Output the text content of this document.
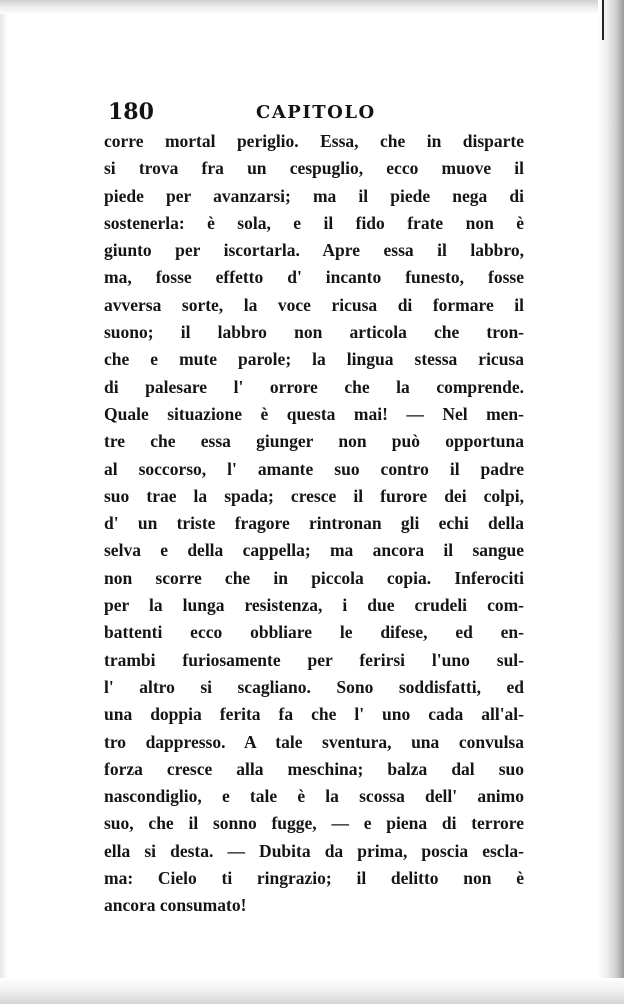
180	CAPITOLO
corre mortal periglio. Essa, che in disparte
si trova fra un cespuglio, ecco muove il
piede per avanzarsi; ma il piede nega di
sostenerla: è sola, e il fido frate non è
giunto per iscortarla. Apre essa il labbro,
ma, fosse effetto d' incanto funesto, fosse
avversa sorte, la voce ricusa di formare il
suono; il labbro non articola che tron-
che e mute parole; la lingua stessa ricusa
di palesare l' orrore che la comprende.
Quale situazione è questa mai! — Nel men-
tre che essa giunger non può opportuna
al soccorso, l' amante suo contro il padre
suo trae la spada; cresce il furore dei colpi,
d' un triste fragore rintronan gli echi della
selva e della cappella; ma ancora il sangue
non scorre che in piccola copia. Inferociti
per la lunga resistenza, i due crudeli com-
battenti ecco obbliare le difese, ed en-
trambi furiosamente per ferirsi l'uno sul-
l' altro si scagliano. Sono soddisfatti, ed
una doppia ferita fa che l' uno cada all'al-
tro dappresso. A tale sventura, una convulsa
forza cresce alla meschina; balza dal suo
nascondiglio, e tale è la scossa dell' animo
suo, che il sonno fugge, — e piena di terrore
ella si desta. — Dubita da prima, poscia escla-
ma: Cielo ti ringrazio; il delitto non è
ancora consumato!
